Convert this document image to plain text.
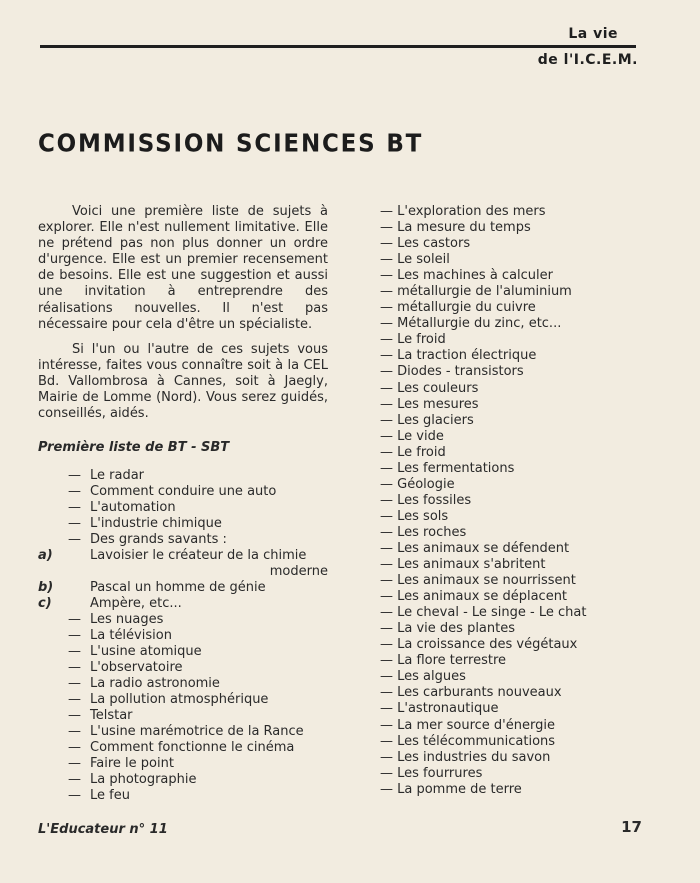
La vie
de l'I.C.E.M.
COMMISSION SCIENCES BT

Voici une première liste de sujets à explorer. Elle n'est nullement limitative. Elle ne prétend pas non plus donner un ordre d'urgence. Elle est un premier recensement de besoins. Elle est une suggestion et aussi une invitation à entreprendre des réalisations nouvelles. Il n'est pas nécessaire pour cela d'être un spécialiste.

Si l'un ou l'autre de ces sujets vous intéresse, faites vous connaître soit à la CEL Bd. Vallombrosa à Cannes, soit à Jaegly, Mairie de Lomme (Nord). Vous serez guidés, conseillés, aidés.

Première liste de BT - SBT
— Le radar
— Comment conduire une auto
— L'automation
— L'industrie chimique
— Des grands savants :
a)	Lavoisier le créateur de la chimie
moderne
b)	Pascal un homme de génie
c)	Ampère, etc...
— Les nuages
— La télévision
— L'usine atomique
— L'observatoire
— La radio astronomie
— La pollution atmosphérique
— Telstar
— L'usine marémotrice de la Rance
— Comment fonctionne le cinéma
— Faire le point
— La photographie
— Le feu
— L'exploration des mers
— La mesure du temps
— Les castors
— Le soleil
— Les machines à calculer
— métallurgie de l'aluminium
— métallurgie du cuivre
— Métallurgie du zinc, etc...
— Le froid
— La traction électrique
— Diodes - transistors
— Les couleurs
— Les mesures
— Les glaciers
— Le vide
— Le froid
— Les fermentations
— Géologie
— Les fossiles
— Les sols
— Les roches
— Les animaux se défendent
— Les animaux s'abritent
— Les animaux se nourrissent
— Les animaux se déplacent
— Le cheval - Le singe - Le chat
— La vie des plantes
— La croissance des végétaux
— La flore terrestre
— Les algues
— Les carburants nouveaux
— L'astronautique
— La mer source d'énergie
— Les télécommunications
— Les industries du savon
— Les fourrures
— La pomme de terre
L'Educateur n° 11	17
